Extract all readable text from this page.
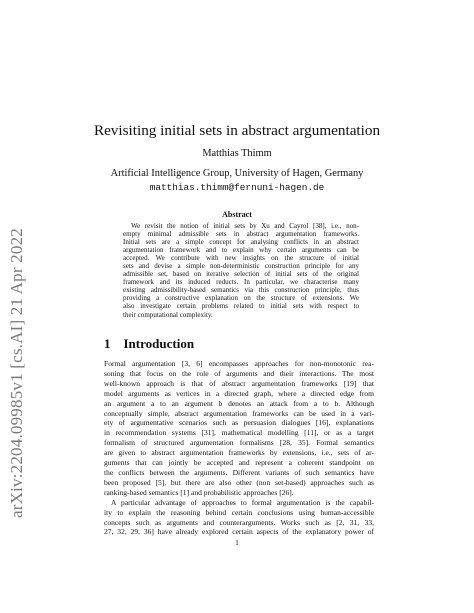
arXiv:2204.09985v1 [cs.AI] 21 Apr 2022
Revisiting initial sets in abstract argumentation
Matthias Thimm
Artificial Intelligence Group, University of Hagen, Germany
matthias.thimm@fernuni-hagen.de
Abstract
We revisit the notion of initial sets by Xu and Cayrol [38], i.e., non-
empty minimal admissible sets in abstract argumentation frameworks.
Initial sets are a simple concept for analysing conflicts in an abstract
argumentation framework and to explain why certain arguments can be
accepted. We contribute with new insights on the structure of initial
sets and devise a simple non-deterministic construction principle for any
admissible set, based on iterative selection of initial sets of the original
framework and its induced reducts. In particular, we characterise many
existing admissibility-based semantics via this construction principle, thus
providing a constructive explanation on the structure of extensions. We
also investigate certain problems related to initial sets with respect to
their computational complexity.
1 Introduction
Formal argumentation [3, 6] encompasses approaches for non-monotonic rea-
soning that focus on the role of arguments and their interactions. The most
well-known approach is that of abstract argumentation frameworks [19] that
model arguments as vertices in a directed graph, where a directed edge from
an argument a to an argument b denotes an attack from a to b. Although
conceptually simple, abstract argumentation frameworks can be used in a vari-
ety of argumentative scenarios such as persuasion dialogues [16], explanations
in recommendation systems [31], mathematical modelling [11], or as a target
formalism of structured argumentation formalisms [28, 35]. Formal semantics
are given to abstract argumentation frameworks by extensions, i.e., sets of ar-
guments that can jointly be accepted and represent a coherent standpoint on
the conflicts between the arguments. Different variants of such semantics have
been proposed [5], but there are also other (non set-based) approaches such as
ranking-based semantics [1] and probabilistic approaches [26].
A particular advantage of approaches to formal argumentation is the capabil-
ity to explain the reasoning behind certain conclusions using human-accessible
concepts such as arguments and counterarguments. Works such as [2, 31, 33,
27, 32, 29, 36] have already explored certain aspects of the explanatory power of
1
